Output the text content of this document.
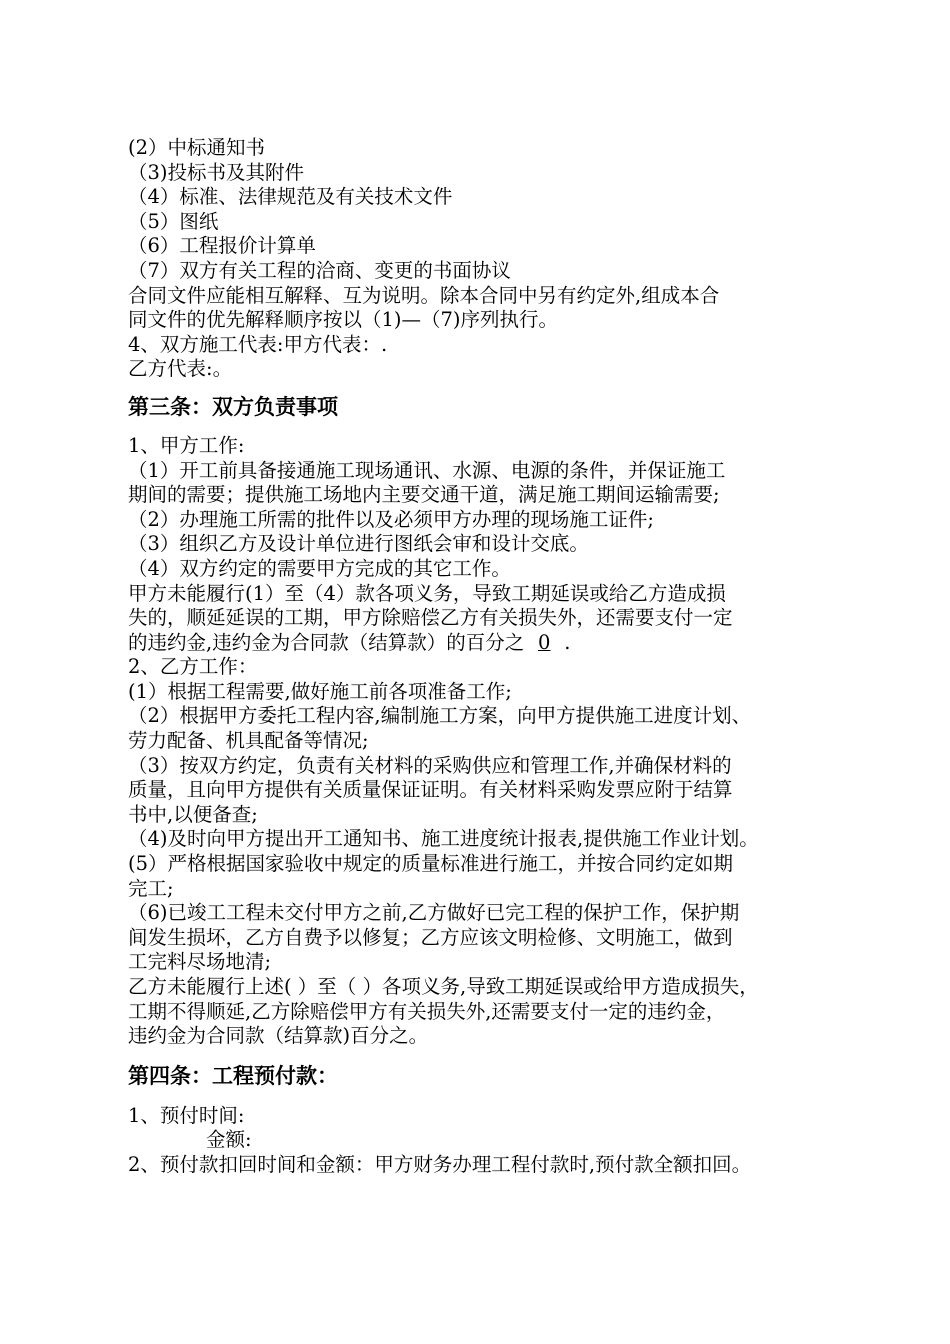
(2）中标通知书
（3)投标书及其附件
（4）标准、法律规范及有关技术文件
（5）图纸
（6）工程报价计算单
（7）双方有关工程的洽商、变更的书面协议
合同文件应能相互解释、互为说明。除本合同中另有约定外,组成本合
同文件的优先解释顺序按以（1)—（7)序列执行。
4、双方施工代表:甲方代表：.
乙方代表:。
第三条：双方负责事项
1、甲方工作:
（1）开工前具备接通施工现场通讯、水源、电源的条件，并保证施工
期间的需要；提供施工场地内主要交通干道，满足施工期间运输需要;
（2）办理施工所需的批件以及必须甲方办理的现场施工证件;
（3）组织乙方及设计单位进行图纸会审和设计交底。
（4）双方约定的需要甲方完成的其它工作。
甲方未能履行(1）至（4）款各项义务，导致工期延误或给乙方造成损
失的，顺延延误的工期，甲方除赔偿乙方有关损失外，还需要支付一定
的违约金,违约金为合同款（结算款）的百分之 0 .
2、乙方工作：
(1）根据工程需要,做好施工前各项准备工作;
（2）根据甲方委托工程内容,编制施工方案，向甲方提供施工进度计划、
劳力配备、机具配备等情况;
（3）按双方约定，负责有关材料的采购供应和管理工作,并确保材料的
质量，且向甲方提供有关质量保证证明。有关材料采购发票应附于结算
书中,以便备查;
（4)及时向甲方提出开工通知书、施工进度统计报表,提供施工作业计划。
(5）严格根据国家验收中规定的质量标准进行施工，并按合同约定如期
完工;
（6)已竣工工程未交付甲方之前,乙方做好已完工程的保护工作，保护期
间发生损坏，乙方自费予以修复；乙方应该文明检修、文明施工，做到
工完料尽场地清;
乙方未能履行上述( ）至（ ）各项义务,导致工期延误或给甲方造成损失，
工期不得顺延,乙方除赔偿甲方有关损失外,还需要支付一定的违约金，
违约金为合同款（结算款)百分之。
第四条：工程预付款：
1、预付时间:
金额:
2、预付款扣回时间和金额：甲方财务办理工程付款时,预付款全额扣回。
